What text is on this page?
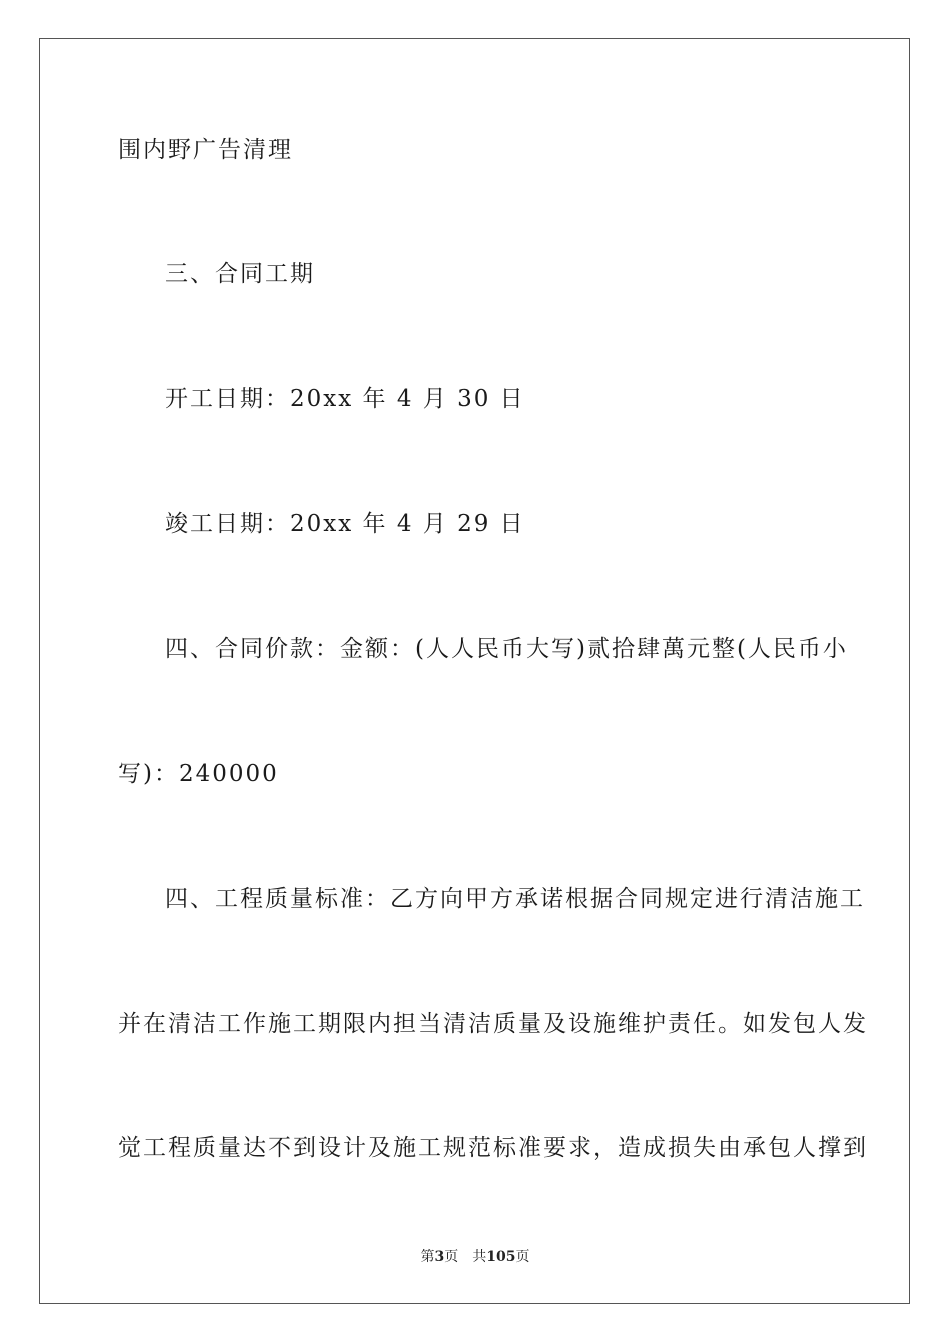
围内野广告清理
三、合同工期
开工日期：20xx 年 4 月 30 日
竣工日期：20xx 年 4 月 29 日
四、合同价款：金额：(人人民币大写)贰拾肆萬元整(人民币小
写)：240000
四、工程质量标准：乙方向甲方承诺根据合同规定进行清洁施工
并在清洁工作施工期限内担当清洁质量及设施维护责任。如发包人发
觉工程质量达不到设计及施工规范标准要求，造成损失由承包人撑到
第3页 共105页
